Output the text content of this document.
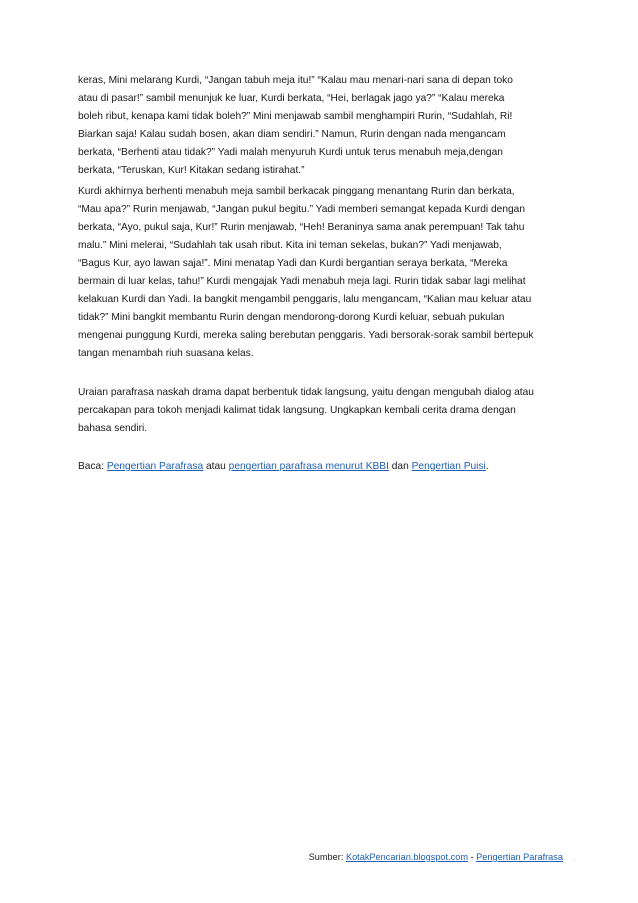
keras, Mini melarang Kurdi, “Jangan tabuh meja itu!” “Kalau mau menari-nari sana di depan toko
atau di pasar!” sambil menunjuk ke luar, Kurdi berkata, “Hei, berlagak jago ya?” “Kalau mereka
boleh ribut, kenapa kami tidak boleh?” Mini menjawab sambil menghampiri Rurin, “Sudahlah, Ri!
Biarkan saja! Kalau sudah bosen, akan diam sendiri.” Namun, Rurin dengan nada mengancam
berkata, “Berhenti atau tidak?” Yadi malah menyuruh Kurdi untuk terus menabuh meja,dengan
berkata, “Teruskan, Kur! Kitakan sedang istirahat.”

Kurdi akhirnya berhenti menabuh meja sambil berkacak pinggang menantang Rurin dan berkata,
“Mau apa?” Rurin menjawab, “Jangan pukul begitu.” Yadi memberi semangat kepada Kurdi dengan
berkata, “Ayo, pukul saja, Kur!” Rurin menjawab, “Heh! Beraninya sama anak perempuan! Tak tahu
malu.” Mini melerai, “Sudahlah tak usah ribut. Kita ini teman sekelas, bukan?” Yadi menjawab,
“Bagus Kur, ayo lawan saja!”. Mini menatap Yadi dan Kurdi bergantian seraya berkata, “Mereka
bermain di luar kelas, tahu!” Kurdi mengajak Yadi menabuh meja lagi. Rurin tidak sabar lagi melihat
kelakuan Kurdi dan Yadi. Ia bangkit mengambil penggaris, lalu mengancam, “Kalian mau keluar atau
tidak?” Mini bangkit membantu Rurin dengan mendorong-dorong Kurdi keluar, sebuah pukulan
mengenai punggung Kurdi, mereka saling berebutan penggaris. Yadi bersorak-sorak sambil bertepuk
tangan menambah riuh suasana kelas.

Uraian parafrasa naskah drama dapat berbentuk tidak langsung, yaitu dengan mengubah dialog atau
percakapan para tokoh menjadi kalimat tidak langsung. Ungkapkan kembali cerita drama dengan
bahasa sendiri.

Baca: Pengertian Parafrasa atau pengertian parafrasa menurut KBBI dan Pengertian Puisi.

Sumber: KotakPencarian.blogspot.com - Pengertian Parafrasa
